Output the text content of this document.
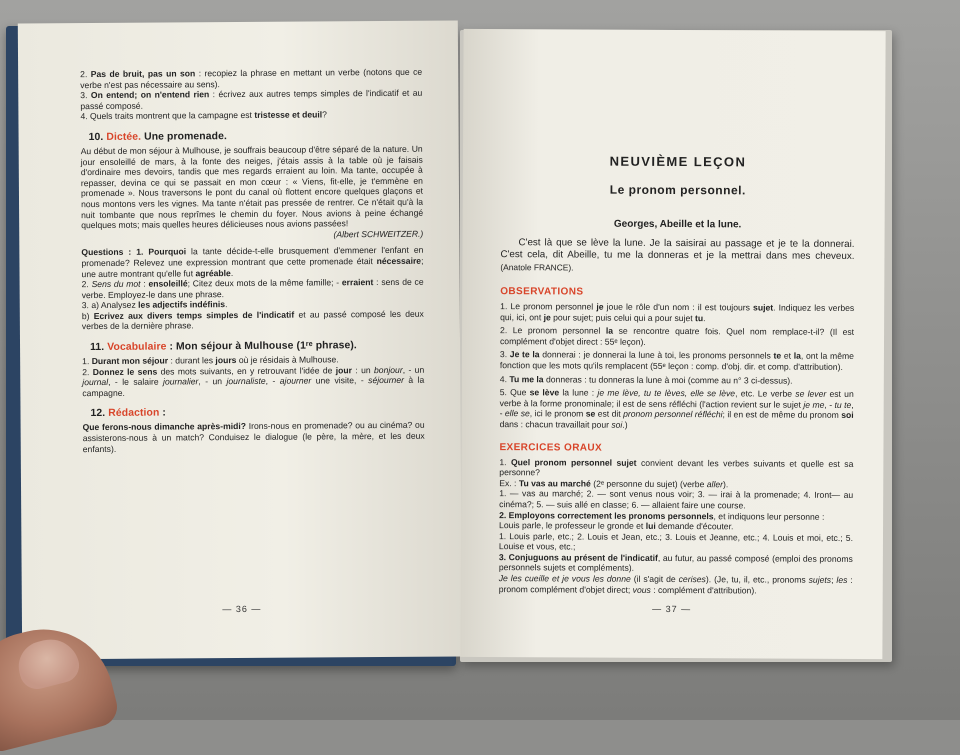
2. Pas de bruit, pas un son : recopiez la phrase en mettant un verbe (notons que ce verbe n'est pas nécessaire au sens).

3. On entend; on n'entend rien : écrivez aux autres temps simples de l'indicatif et au passé composé.

4. Quels traits montrent que la campagne est tristesse et deuil?

10. Dictée. Une promenade.

Au début de mon séjour à Mulhouse, je souffrais beaucoup d'être séparé de la nature. Un jour ensoleillé de mars, à la fonte des neiges, j'étais assis à la table où je faisais d'ordinaire mes devoirs, tandis que mes regards erraient au loin. Ma tante, occupée à repasser, devina ce qui se passait en mon cœur : « Viens, fit-elle, je t'emmène en promenade ». Nous traversons le pont du canal où flottent encore quelques glaçons et nous montons vers les vignes. Ma tante n'était pas pressée de rentrer. Ce n'était qu'à la nuit tombante que nous reprîmes le chemin du foyer. Nous avions à peine échangé quelques mots; mais quelles heures délicieuses nous avions passées!
(Albert SCHWEITZER.)

Questions : 1. Pourquoi la tante décide-t-elle brusquement d'emmener l'enfant en promenade? Relevez une expression montrant que cette promenade était nécessaire; une autre montrant qu'elle fut agréable.

2. Sens du mot : ensoleillé; Citez deux mots de la même famille; - erraient : sens de ce verbe. Employez-le dans une phrase.

3. a) Analysez les adjectifs indéfinis.

b) Ecrivez aux divers temps simples de l'indicatif et au passé composé les deux verbes de la dernière phrase.

11. Vocabulaire : Mon séjour à Mulhouse (1ʳᵉ phrase).

1. Durant mon séjour : durant les jours où je résidais à Mulhouse.

2. Donnez le sens des mots suivants, en y retrouvant l'idée de jour : un bonjour, - un journal, - le salaire journalier, - un journaliste, - ajourner une visite, - séjourner à la campagne.

12. Rédaction :

Que ferons-nous dimanche après-midi? Irons-nous en promenade? ou au cinéma? ou assisterons-nous à un match? Conduisez le dialogue (le père, la mère, et les deux enfants).

— 36 —
NEUVIÈME LEÇON
Le pronom personnel.
Georges, Abeille et la lune.

C'est là que se lève la lune. Je la saisirai au passage et je te la donnerai. C'est cela, dit Abeille, tu me la donneras et je la mettrai dans mes cheveux. (Anatole FRANCE).

OBSERVATIONS

1. Le pronom personnel je joue le rôle d'un nom : il est toujours sujet. Indiquez les verbes qui, ici, ont je pour sujet; puis celui qui a pour sujet tu.

2. Le pronom personnel la se rencontre quatre fois. Quel nom remplace-t-il? (Il est complément d'objet direct : 55ᵉ leçon).

3. Je te la donnerai : je donnerai la lune à toi, les pronoms personnels te et la, ont la même fonction que les mots qu'ils remplacent (55ᵉ leçon : comp. d'obj. dir. et comp. d'attribution).

4. Tu me la donneras : tu donneras la lune à moi (comme au n° 3 ci-dessus).

5. Que se lève la lune : je me lève, tu te lèves, elle se lève, etc. Le verbe se lever est un verbe à la forme pronominale; il est de sens réfléchi (l'action revient sur le sujet je me, - tu te, - elle se, ici le pronom se est dit pronom personnel réfléchi; il en est de même du pronom soi dans : chacun travaillait pour soi.)

EXERCICES ORAUX

1. Quel pronom personnel sujet convient devant les verbes suivants et quelle est sa personne?

Ex. : Tu vas au marché (2ᵉ personne du sujet) (verbe aller).

1. — vas au marché; 2. — sont venus nous voir; 3. — irai à la promenade; 4. Iront— au cinéma?; 5. — suis allé en classe; 6. — allaient faire une course.

2. Employons correctement les pronoms personnels, et indiquons leur personne :

Louis parle, le professeur le gronde et lui demande d'écouter.

1. Louis parle, etc.; 2. Louis et Jean, etc.; 3. Louis et Jeanne, etc.; 4. Louis et moi, etc.; 5. Louise et vous, etc.;

3. Conjuguons au présent de l'indicatif, au futur, au passé composé (emploi des pronoms personnels sujets et compléments).

Je les cueille et je vous les donne (il s'agit de cerises). (Je, tu, il, etc., pronoms sujets; les : pronom complément d'objet direct; vous : complément d'attribution).

— 37 —
